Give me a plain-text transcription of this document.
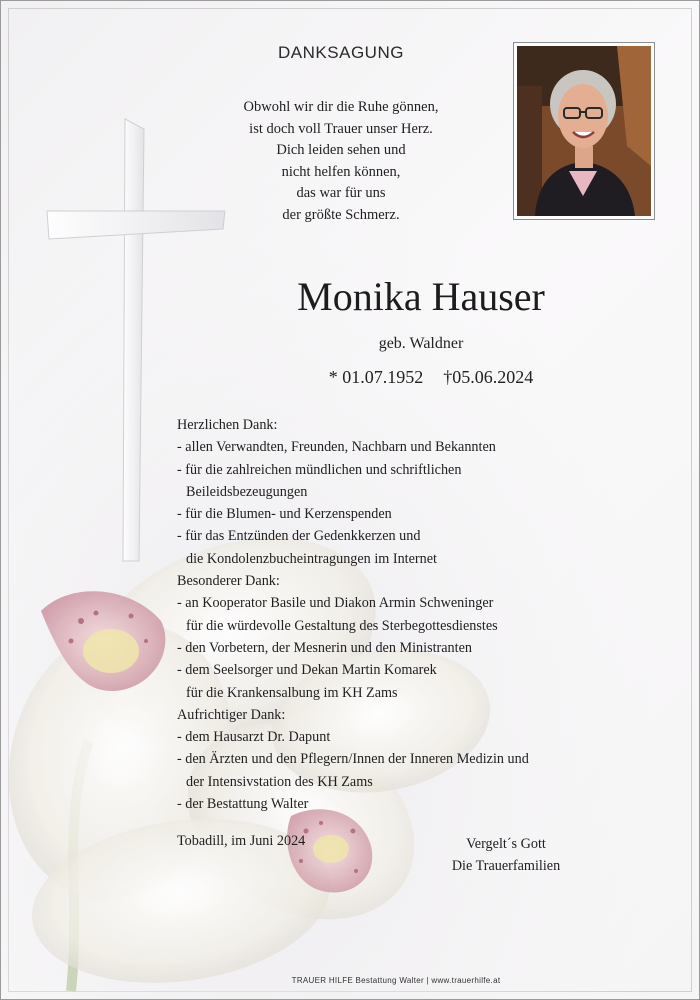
DANKSAGUNG
Obwohl wir dir die Ruhe gönnen,
ist doch voll Trauer unser Herz.
Dich leiden sehen und
nicht helfen können,
das war für uns
der größte Schmerz.
Monika Hauser
geb. Waldner
* 01.07.1952 †05.06.2024
Herzlichen Dank:
- allen Verwandten, Freunden, Nachbarn und Bekannten
- für die zahlreichen mündlichen und schriftlichen
Beileidsbezeugungen
- für die Blumen- und Kerzenspenden
- für das Entzünden der Gedenkkerzen und
die Kondolenzbucheintragungen im Internet
Besonderer Dank:
- an Kooperator Basile und Diakon Armin Schweninger
für die würdevolle Gestaltung des Sterbegottesdienstes
- den Vorbetern, der Mesnerin und den Ministranten
- dem Seelsorger und Dekan Martin Komarek
für die Krankensalbung im KH Zams
Aufrichtiger Dank:
- dem Hausarzt Dr. Dapunt
- den Ärzten und den Pflegern/Innen der Inneren Medizin und
der Intensivstation des KH Zams
- der Bestattung Walter
Tobadill, im Juni 2024	Vergelt´s Gott
Die Trauerfamilien
TRAUER HILFE Bestattung Walter | www.trauerhilfe.at
